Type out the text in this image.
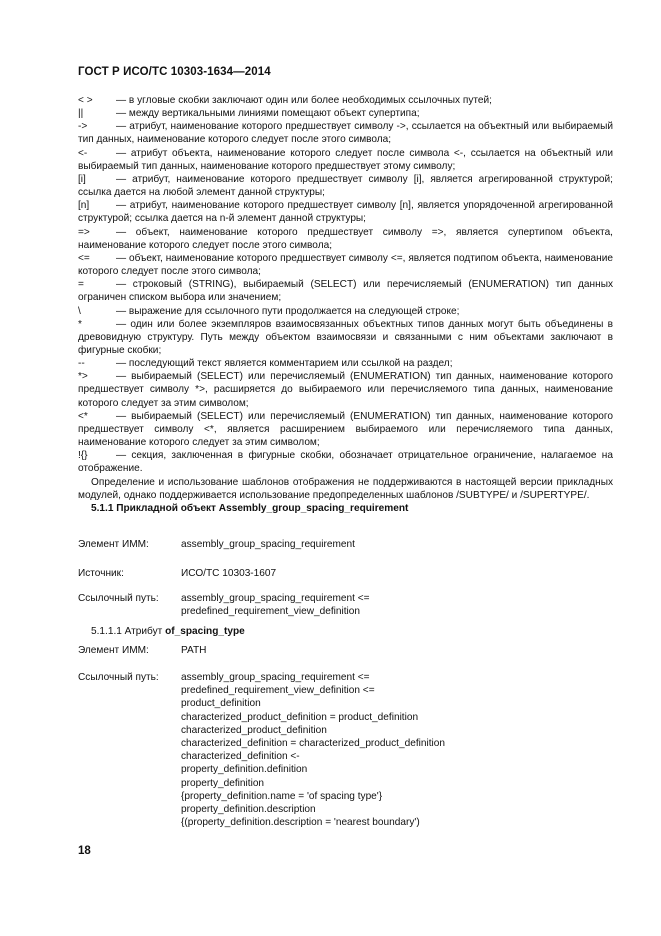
ГОСТ Р ИСО/ТС 10303-1634—2014

< > — в угловые скобки заключают один или более необходимых ссылочных путей;

||	— между вертикальными линиями помещают объект супертипа;

->	— атрибут, наименование которого предшествует символу ->, ссылается на объектный или выбираемый тип данных, наименование которого следует после этого символа;

<-	— атрибут объекта, наименование которого следует после символа <-, ссылается на объектный или выбираемый тип данных, наименование которого предшествует этому символу;

[i]	— атрибут, наименование которого предшествует символу [i], является агрегированной структурой; ссылка дается на любой элемент данной структуры;

[n]	— атрибут, наименование которого предшествует символу [n], является упорядоченной агрегированной структурой; ссылка дается на n-й элемент данной структуры;

=>	— объект, наименование которого предшествует символу =>, является супертипом объекта, наименование которого следует после этого символа;

<=	— объект, наименование которого предшествует символу <=, является подтипом объекта, наименование которого следует после этого символа;

=	— строковый (STRING), выбираемый (SELECT) или перечисляемый (ENUMERATION) тип данных ограничен списком выбора или значением;

\	— выражение для ссылочного пути продолжается на следующей строке;

*	— один или более экземпляров взаимосвязанных объектных типов данных могут быть объединены в древовидную структуру. Путь между объектом взаимосвязи и связанными с ним объектами заключают в фигурные скобки;

--	— последующий текст является комментарием или ссылкой на раздел;

*>	— выбираемый (SELECT) или перечисляемый (ENUMERATION) тип данных, наименование которого предшествует символу *>, расширяется до выбираемого или перечисляемого типа данных, наименование которого следует за этим символом;

<*	— выбираемый (SELECT) или перечисляемый (ENUMERATION) тип данных, наименование которого предшествует символу <*, является расширением выбираемого или перечисляемого типа данных, наименование которого следует за этим символом;

!{}	— секция, заключенная в фигурные скобки, обозначает отрицательное ограничение, налагаемое на отображение.

Определение и использование шаблонов отображения не поддерживаются в настоящей версии прикладных модулей, однако поддерживается использование предопределенных шаблонов /SUBTYPE/ и /SUPERTYPE/.

5.1.1 Прикладной объект Assembly_group_spacing_requirement

Элемент ИММ:	assembly_group_spacing_requirement
Источник:	ИСО/ТС 10303-1607
Ссылочный путь: assembly_group_spacing_requirement <=
predefined_requirement_view_definition
5.1.1.1 Атрибут of_spacing_type
Элемент ИММ:	PATH
Ссылочный путь: assembly_group_spacing_requirement <=
predefined_requirement_view_definition <=
product_definition
characterized_product_definition = product_definition
characterized_product_definition
characterized_definition = characterized_product_definition
characterized_definition <-
property_definition.definition
property_definition
{property_definition.name = 'of spacing type'}
property_definition.description
{(property_definition.description = 'nearest boundary')
18
